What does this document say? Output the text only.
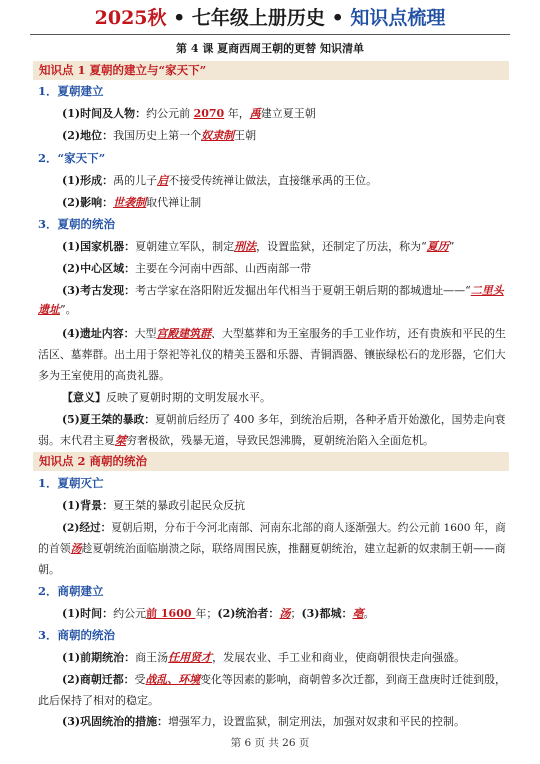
2025秋 • 七年级上册历史 • 知识点梳理
第 4 课 夏商西周王朝的更替 知识清单
知识点 1 夏朝的建立与“家天下”
1．夏朝建立
(1)时间及人物：约公元前 2070 年，禹建立夏王朝
(2)地位：我国历史上第一个奴隶制王朝
2．“家天下”
(1)形成：禹的儿子启不接受传统禅让做法，直接继承禹的王位。
(2)影响：世袭制取代禅让制
3．夏朝的统治
(1)国家机器：夏朝建立军队，制定刑法，设置监狱，还制定了历法，称为“夏历”
(2)中心区域：主要在今河南中西部、山西南部一带
(3)考古发现：考古学家在洛阳附近发掘出年代相当于夏朝王朝后期的都城遗址——“二里头
遗址”。
(4)遗址内容：大型宫殿建筑群、大型墓葬和为王室服务的手工业作坊，还有贵族和平民的生
活区、墓葬群。出土用于祭祀等礼仪的精美玉器和乐器、青铜酒器、镶嵌绿松石的龙形器，它们大
多为王室使用的高贵礼器。
【意义】反映了夏朝时期的文明发展水平。
(5)夏王桀的暴政：夏朝前后经历了 400 多年，到统治后期，各种矛盾开始激化，国势走向衰
弱。末代君主夏桀穷奢极欲，残暴无道，导致民怨沸腾，夏朝统治陷入全面危机。
知识点 2 商朝的统治
1．夏朝灭亡
(1)背景：夏王桀的暴政引起民众反抗
(2)经过：夏朝后期，分布于今河北南部、河南东北部的商人逐渐强大。约公元前 1600 年，商
的首领汤趁夏朝统治面临崩溃之际，联络周围民族，推翻夏朝统治，建立起新的奴隶制王朝——商
朝。
2．商朝建立
(1)时间：约公元前 1600 年；(2)统治者：汤；(3)都城：亳。
3．商朝的统治
(1)前期统治：商王汤任用贤才，发展农业、手工业和商业，使商朝很快走向强盛。
(2)商朝迁都：受战乱、环境变化等因素的影响，商朝曾多次迁都，到商王盘庚时迁徙到殷，
此后保持了相对的稳定。
(3)巩固统治的措施：增强军力，设置监狱，制定刑法，加强对奴隶和平民的控制。
第 6 页 共 26 页
